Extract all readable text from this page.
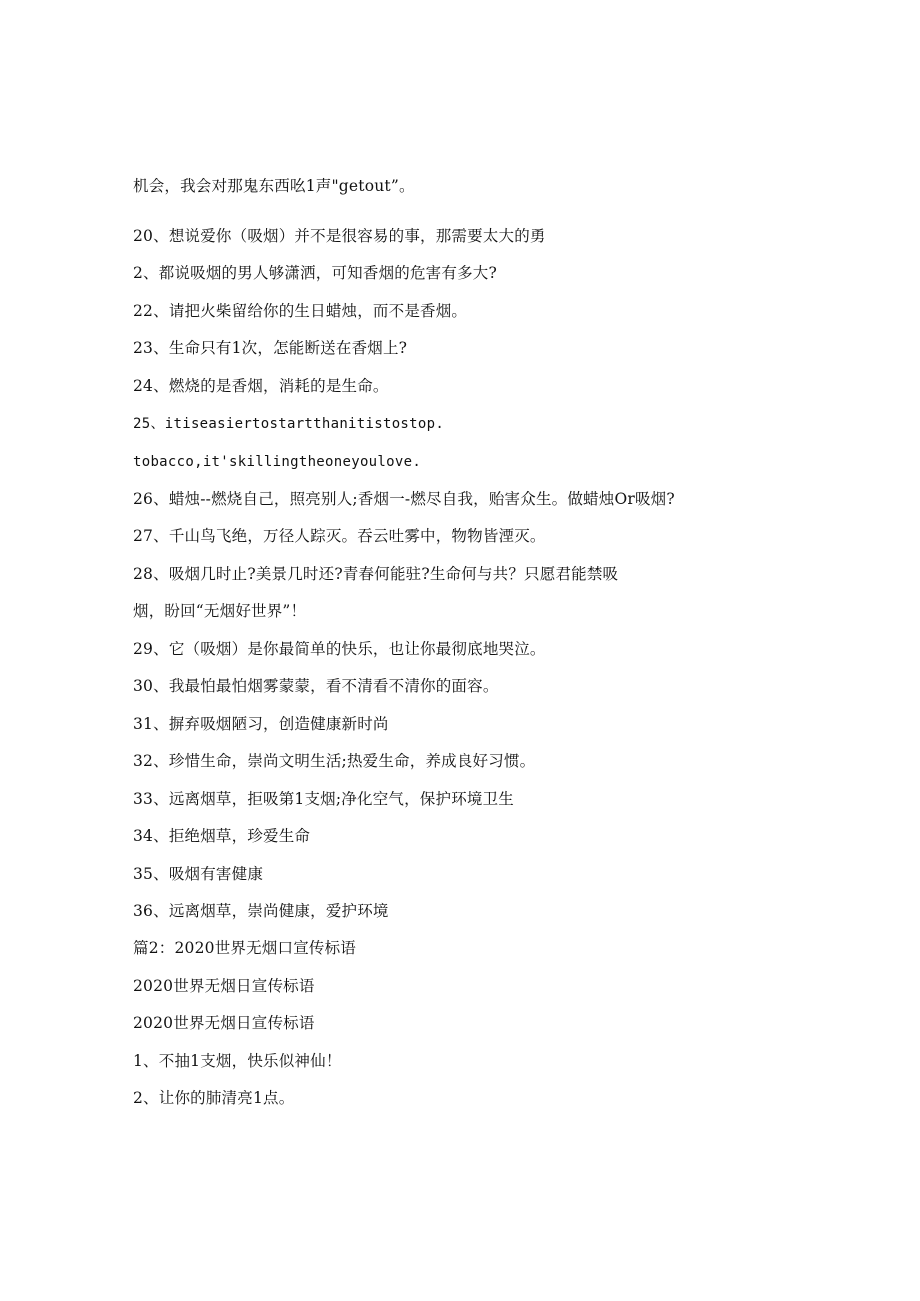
机会，我会对那鬼东西吆1声"getout”。
20、想说爱你（吸烟）并不是很容易的事，那需要太大的勇
2、都说吸烟的男人够潇洒，可知香烟的危害有多大?
22、请把火柴留给你的生日蜡烛，而不是香烟。
23、生命只有1次，怎能断送在香烟上?
24、燃烧的是香烟，消耗的是生命。
25、itiseasiertostartthanitistostop.
tobacco,it'skillingtheoneyoulove.
26、蜡烛--燃烧自己，照亮别人;香烟一-燃尽自我，贻害众生。做蜡烛Or吸烟?
27、千山鸟飞绝，万径人踪灭。吞云吐雾中，物物皆湮灭。
28、吸烟几时止?美景几时还?青春何能驻?生命何与共？只愿君能禁吸
烟，盼回“无烟好世界”！
29、它（吸烟）是你最简单的快乐，也让你最彻底地哭泣。
30、我最怕最怕烟雾蒙蒙，看不清看不清你的面容。
31、摒弃吸烟陋习，创造健康新时尚
32、珍惜生命，崇尚文明生活;热爱生命，养成良好习惯。
33、远离烟草，拒吸第1支烟;净化空气，保护环境卫生
34、拒绝烟草，珍爱生命
35、吸烟有害健康
36、远离烟草，崇尚健康，爱护环境
篇2：2020世界无烟口宣传标语
2020世界无烟日宣传标语
2020世界无烟日宣传标语
1、不抽1支烟，快乐似神仙！
2、让你的肺清亮1点。
